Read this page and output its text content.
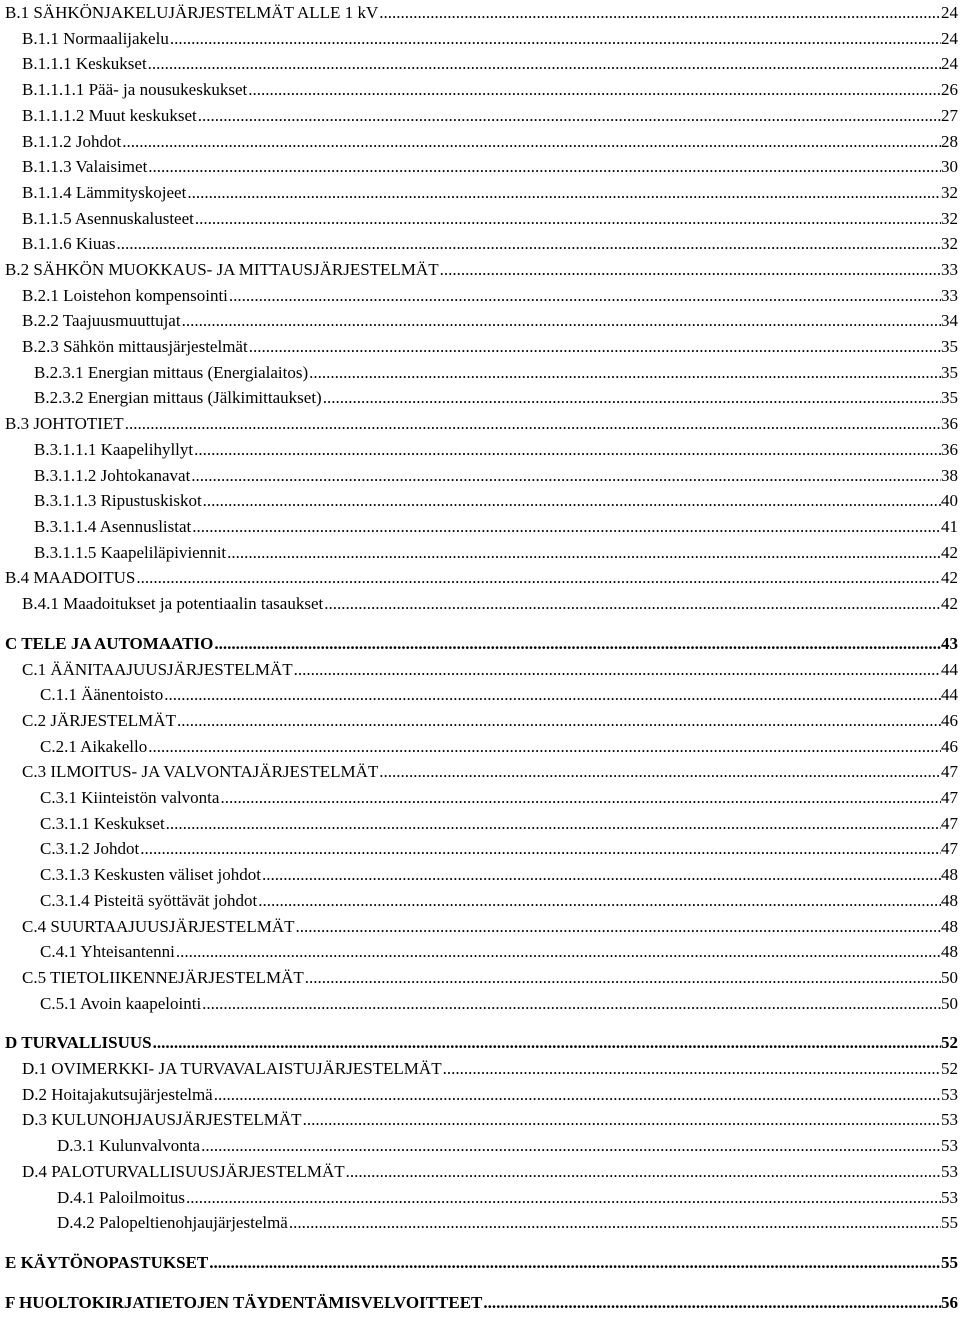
B.1 SÄHKÖNJAKELUJÄRJESTELMÄT ALLE 1 kV .....	24
B.1.1 Normaalijakelu .....	24
B.1.1.1 Keskukset .....	24
B.1.1.1.1 Pää- ja nousukeskukset .....	26
B.1.1.1.2 Muut keskukset .....	27
B.1.1.2 Johdot .....	28
B.1.1.3 Valaisimet .....	30
B.1.1.4 Lämmityskojeet .....	32
B.1.1.5 Asennuskalusteet .....	32
B.1.1.6 Kiuas .....	32
B.2 SÄHKÖN MUOKKAUS- JA MITTAUSJÄRJESTELMÄT .....	33
B.2.1 Loistehon kompensointi .....	33
B.2.2 Taajuusmuuttujat .....	34
B.2.3 Sähkön mittausjärjestelmät .....	35
B.2.3.1 Energian mittaus (Energialaitos) .....	35
B.2.3.2 Energian mittaus (Jälkimittaukset) .....	35
B.3 JOHTOTIET .....	36
B.3.1.1.1 Kaapelihyllyt .....	36
B.3.1.1.2 Johtokanavat .....	38
B.3.1.1.3 Ripustuskiskot .....	40
B.3.1.1.4 Asennuslistat .....	41
B.3.1.1.5 Kaapeliläpiviennit .....	42
B.4 MAADOITUS .....	42
B.4.1 Maadoitukset ja potentiaalin tasaukset .....	42
C TELE JA AUTOMAATIO .....	43
C.1 ÄÄNITAAJUUSJÄRJESTELMÄT .....	44
C.1.1 Äänentoisto .....	44
C.2 JÄRJESTELMÄT .....	46
C.2.1 Aikakello .....	46
C.3 ILMOITUS- JA VALVONTAJÄRJESTELMÄT .....	47
C.3.1 Kiinteistön valvonta .....	47
C.3.1.1 Keskukset .....	47
C.3.1.2 Johdot .....	47
C.3.1.3 Keskusten väliset johdot .....	48
C.3.1.4 Pisteitä syöttävät johdot .....	48
C.4 SUURTAAJUUSJÄRJESTELMÄT .....	48
C.4.1 Yhteisantenni .....	48
C.5 TIETOLIIKENNEJÄRJESTELMÄT .....	50
C.5.1 Avoin kaapelointi .....	50
D TURVALLISUUS .....	52
D.1 OVIMERKKI- JA TURVAVALAISTUJÄRJESTELMÄT .....	52
D.2 Hoitajakutsujärjestelmä .....	53
D.3 KULUNOHJAUSJÄRJESTELMÄT .....	53
D.3.1 Kulunvalvonta .....	53
D.4 PALOTURVALLISUUSJÄRJESTELMÄT .....	53
D.4.1 Paloilmoitus .....	53
D.4.2 Palopeltienohjaujärjestelmä .....	55
E KÄYTÖNOPASTUKSET .....	55
F HUOLTOKIRJATIETOJEN TÄYDENTÄMISVELVOITTEET .....	56
